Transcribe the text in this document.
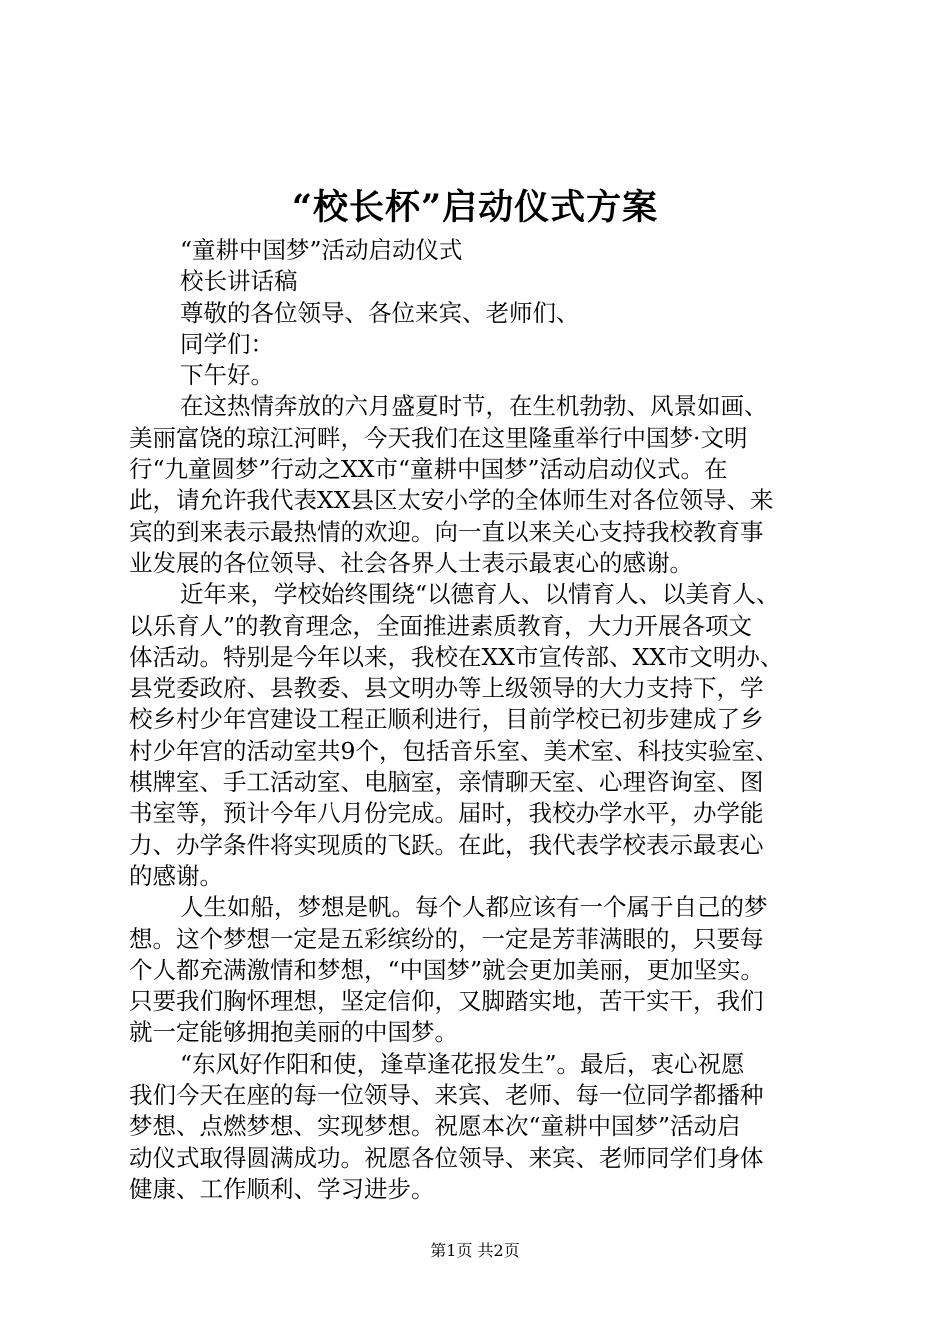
“校长杯”启动仪式方案

“童耕中国梦”活动启动仪式

校长讲话稿

尊敬的各位领导、各位来宾、老师们、

同学们：

下午好。

在这热情奔放的六月盛夏时节，在生机勃勃、风景如画、

美丽富饶的琼江河畔，今天我们在这里隆重举行中国梦·文明

行“九童圆梦”行动之XX市“童耕中国梦”活动启动仪式。在

此，请允许我代表XX县区太安小学的全体师生对各位领导、来

宾的到来表示最热情的欢迎。向一直以来关心支持我校教育事

业发展的各位领导、社会各界人士表示最衷心的感谢。

近年来，学校始终围绕“以德育人、以情育人、以美育人、

以乐育人”的教育理念，全面推进素质教育，大力开展各项文

体活动。特别是今年以来，我校在XX市宣传部、XX市文明办、

县党委政府、县教委、县文明办等上级领导的大力支持下，学

校乡村少年宫建设工程正顺利进行，目前学校已初步建成了乡

村少年宫的活动室共9个，包括音乐室、美术室、科技实验室、

棋牌室、手工活动室、电脑室，亲情聊天室、心理咨询室、图

书室等，预计今年八月份完成。届时，我校办学水平，办学能

力、办学条件将实现质的飞跃。在此，我代表学校表示最衷心

的感谢。

人生如船，梦想是帆。每个人都应该有一个属于自己的梦

想。这个梦想一定是五彩缤纷的，一定是芳菲满眼的，只要每

个人都充满激情和梦想，“中国梦”就会更加美丽，更加坚实。

只要我们胸怀理想，坚定信仰，又脚踏实地，苦干实干，我们

就一定能够拥抱美丽的中国梦。

“东风好作阳和使，逢草逢花报发生”。最后，衷心祝愿

我们今天在座的每一位领导、来宾、老师、每一位同学都播种

梦想、点燃梦想、实现梦想。祝愿本次“童耕中国梦”活动启

动仪式取得圆满成功。祝愿各位领导、来宾、老师同学们身体

健康、工作顺利、学习进步。

第1页 共2页
